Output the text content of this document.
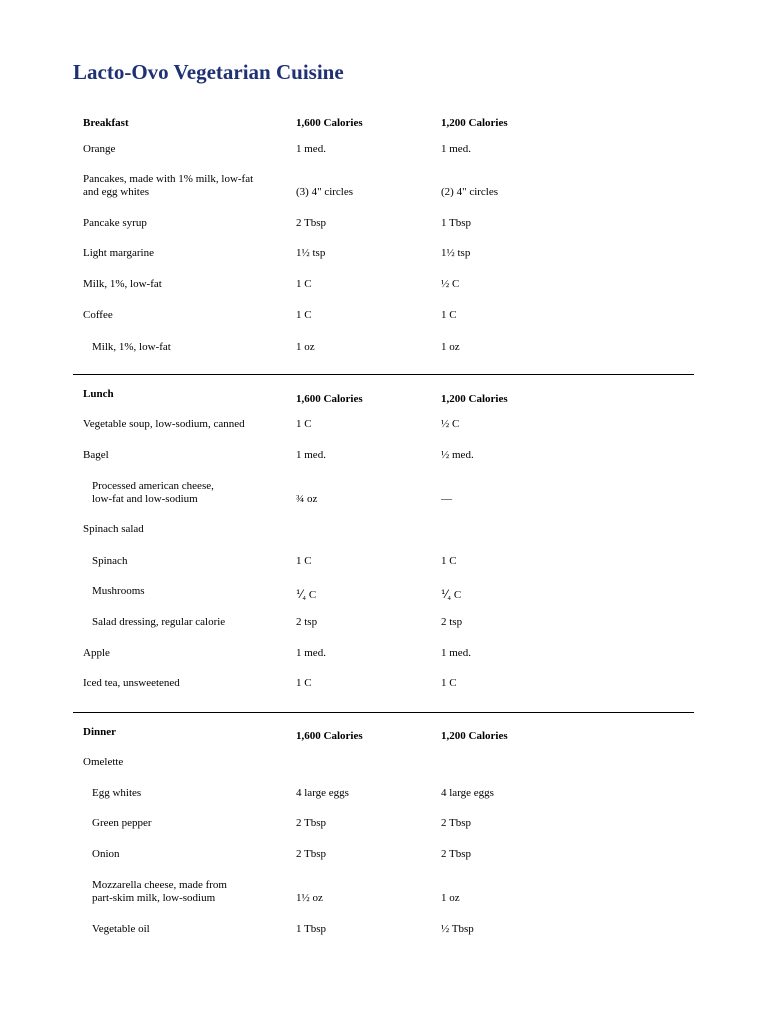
Lacto-Ovo Vegetarian Cuisine
Breakfast	1,600 Calories	1,200 Calories
Orange	1 med.	1 med.
Pancakes, made with 1% milk, low-fat
and egg whites	(3) 4" circles	(2) 4" circles
Pancake syrup	2 Tbsp	1 Tbsp
Light margarine	1½ tsp	1½ tsp
Milk, 1%, low-fat	1 C	½ C
Coffee	1 C	1 C
Milk, 1%, low-fat	1 oz	1 oz
Lunch	1,600 Calories	1,200 Calories
Vegetable soup, low-sodium, canned	1 C	½ C
Bagel	1 med.	½ med.
Processed american cheese,
low-fat and low-sodium	¾ oz	—
Spinach salad
Spinach	1 C	1 C
Mushrooms	⅟₄ C	⅟₄ C
Salad dressing, regular calorie	2 tsp	2 tsp
Apple	1 med.	1 med.
Iced tea, unsweetened	1 C	1 C
Dinner	1,600 Calories	1,200 Calories
Omelette
Egg whites	4 large eggs	4 large eggs
Green pepper	2 Tbsp	2 Tbsp
Onion	2 Tbsp	2 Tbsp
Mozzarella cheese, made from
part-skim milk, low-sodium	1½ oz	1 oz
Vegetable oil	1 Tbsp	½ Tbsp
